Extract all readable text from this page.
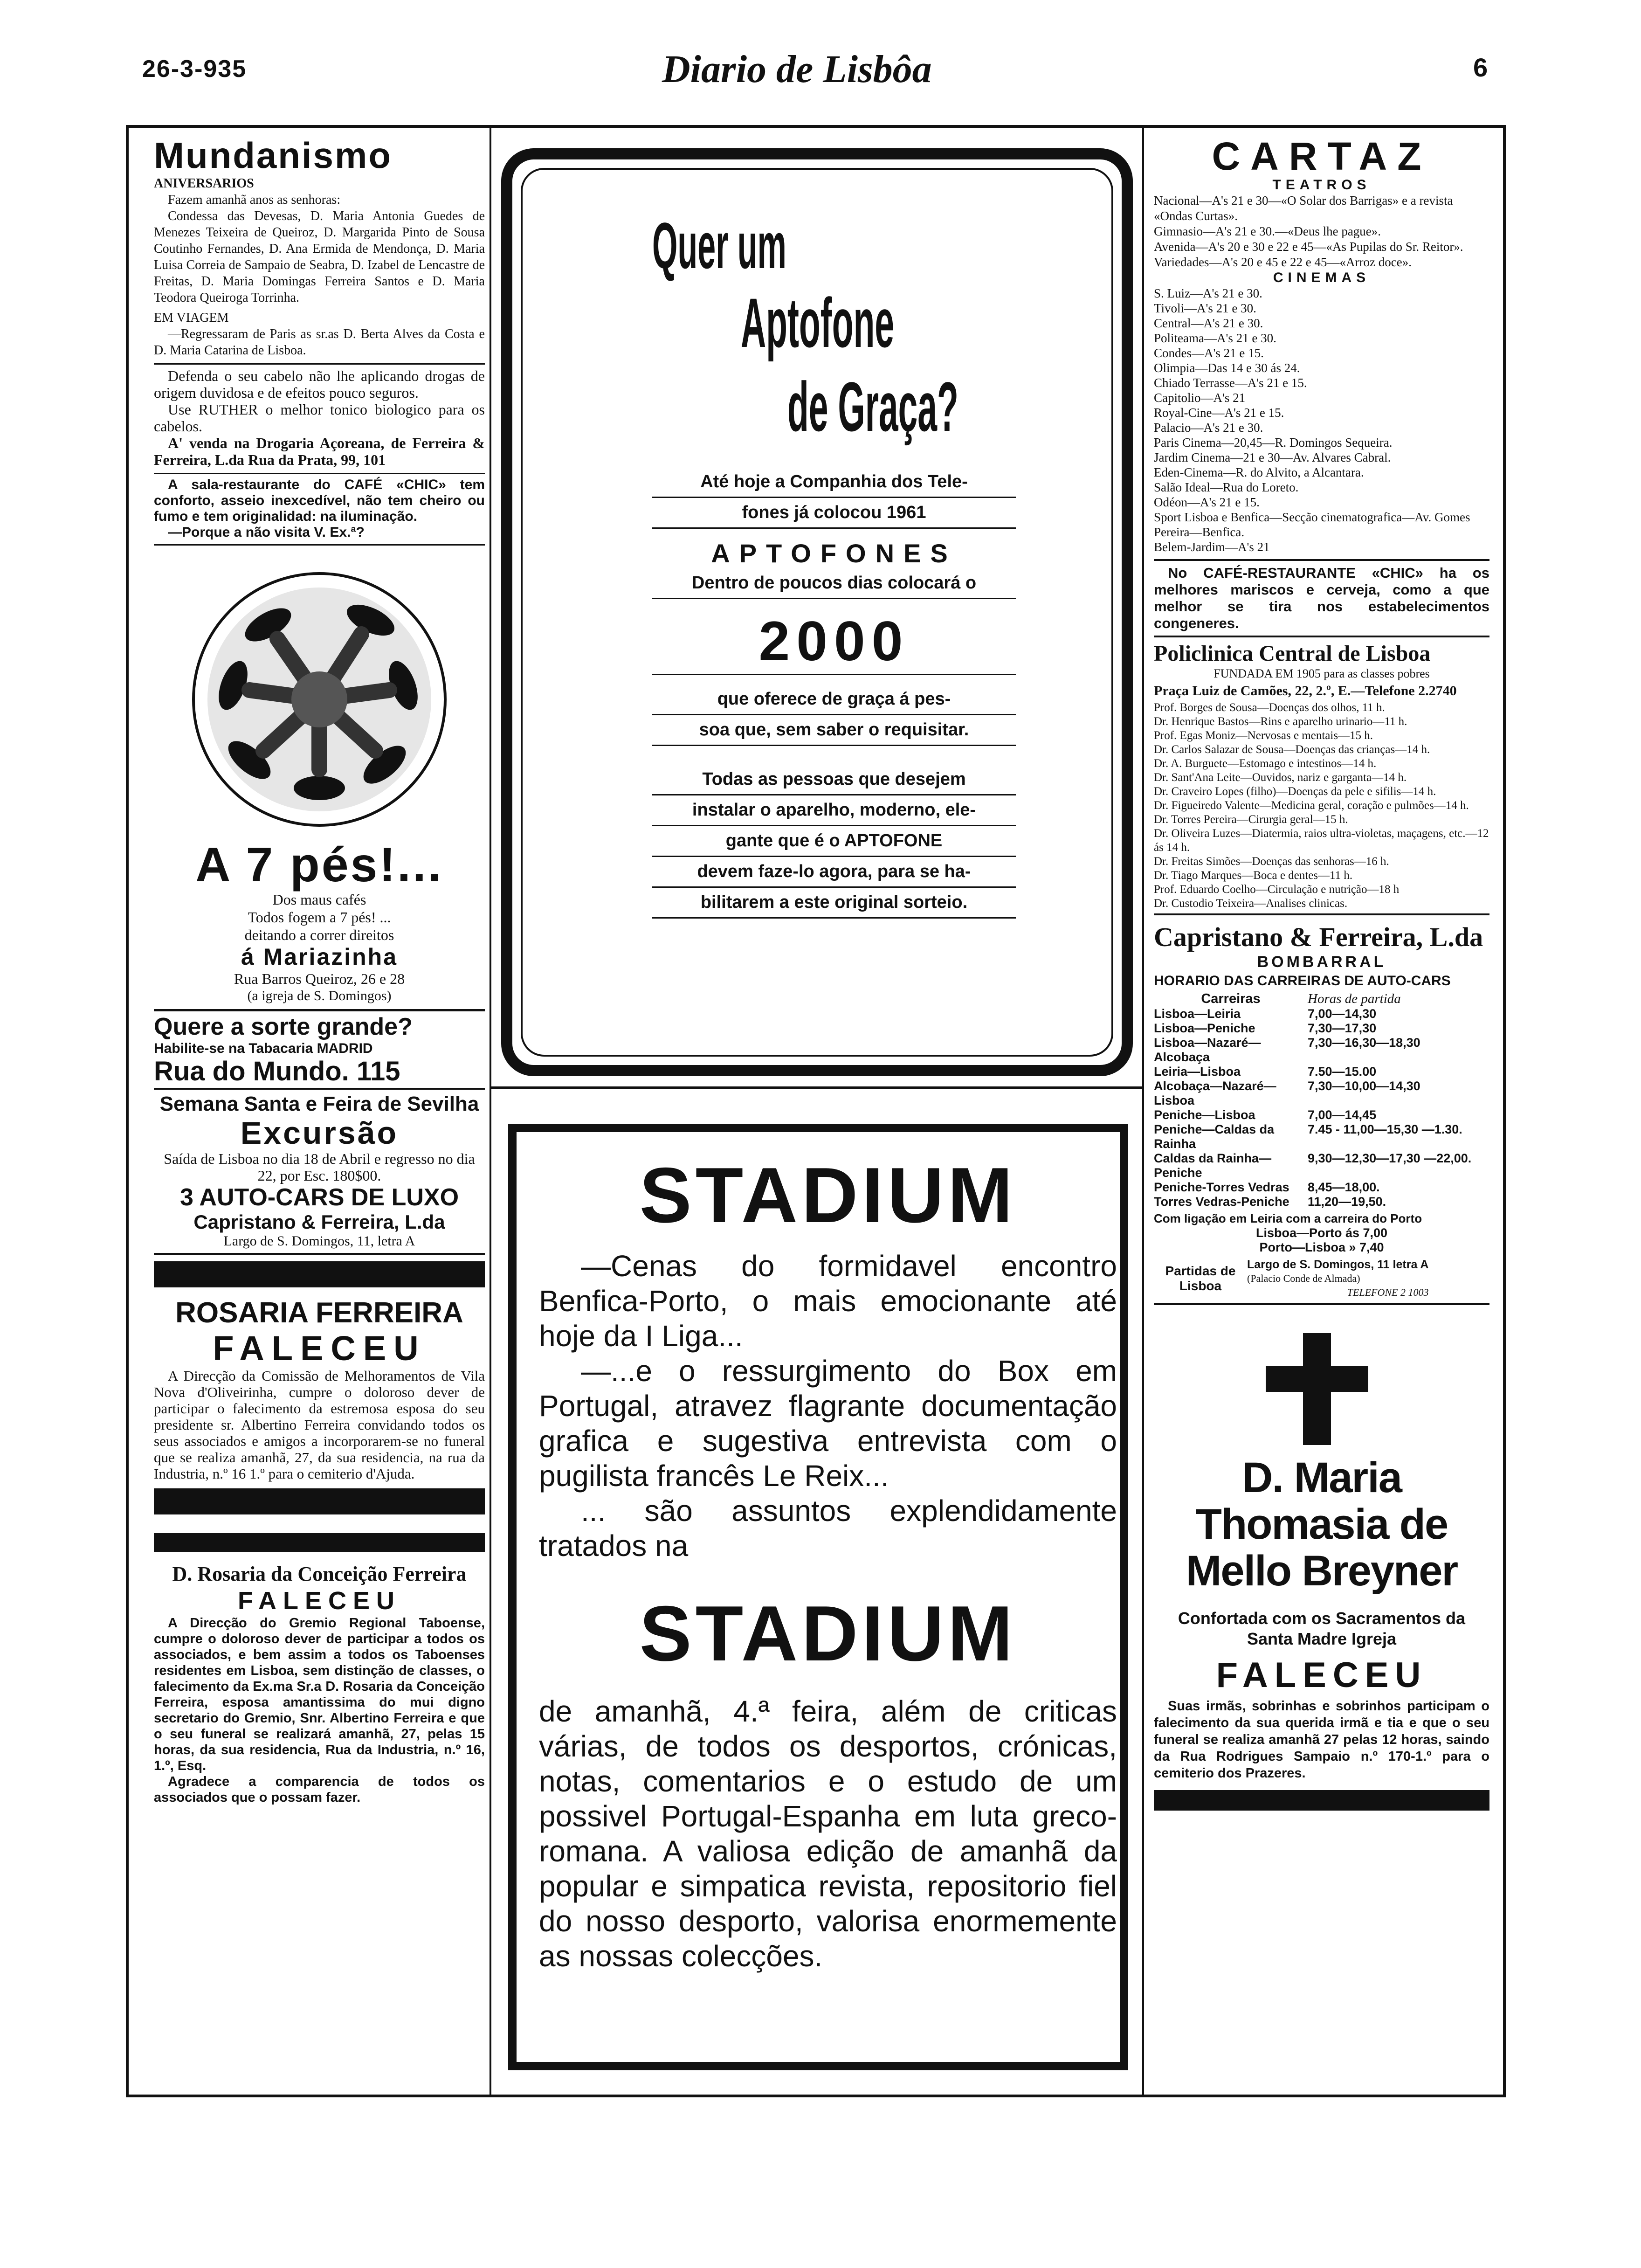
26-3-935	Diario de Lisbôa	6
Mundanismo
ANIVERSARIOS
Fazem amanhã anos as senhoras:
Condessa das Devesas, D. Maria Antonia Guedes de Menezes Teixeira de Queiroz, D. Margarida Pinto de Sousa Coutinho Fernandes, D. Ana Ermida de Mendonça, D. Maria Luisa Correia de Sampaio de Seabra, D. Izabel de Lencastre de Freitas, D. Maria Domingas Ferreira Santos e D. Maria Teodora Queiroga Torrinha.
EM VIAGEM
—Regressaram de Paris as sr.as D. Berta Alves da Costa e D. Maria Catarina de Lisboa.
Defenda o seu cabelo não lhe aplicando drogas de origem duvidosa e de efeitos pouco seguros.
Use RUTHER o melhor tonico biologico para os cabelos.
A' venda na Drogaria Açoreana, de Ferreira & Ferreira, L.da Rua da Prata, 99, 101
A sala-restaurante do CAFÉ «CHIC» tem conforto, asseio inexcedível, não tem cheiro ou fumo e tem originalidad: na iluminação.
—Porque a não visita V. Ex.ª?
A 7 pés!...
Dos maus cafés
Todos fogem a 7 pés! ...
deitando a correr direitos
á Mariazinha
Rua Barros Queiroz, 26 e 28
(a igreja de S. Domingos)
Quere a sorte grande?
Habilite-se na Tabacaria MADRID
Rua do Mundo. 115
Semana Santa e Feira de Sevilha
Excursão
Saída de Lisboa no dia 18 de Abril e regresso no dia 22, por Esc. 180$00.
3 AUTO-CARS DE LUXO
Capristano & Ferreira, L.da
Largo de S. Domingos, 11, letra A
ROSARIA FERREIRA
FALECEU
A Direcção da Comissão de Melhoramentos de Vila Nova d'Oliveirinha, cumpre o doloroso dever de participar o falecimento da estremosa esposa do seu presidente sr. Albertino Ferreira convidando todos os seus associados e amigos a incorporarem-se no funeral que se realiza amanhã, 27, da sua residencia, na rua da Industria, n.º 16 1.º para o cemiterio d'Ajuda.
D. Rosaria da Conceição Ferreira
FALECEU
A Direcção do Gremio Regional Taboense, cumpre o doloroso dever de participar a todos os associados, e bem assim a todos os Taboenses residentes em Lisboa, sem distinção de classes, o falecimento da Ex.ma Sr.a D. Rosaria da Conceição Ferreira, esposa amantissima do mui digno secretario do Gremio, Snr. Albertino Ferreira e que o seu funeral se realizará amanhã, 27, pelas 15 horas, da sua residencia, Rua da Industria, n.º 16, 1.º, Esq.
Agradece a comparencia de todos os associados que o possam fazer.
Quer um
Aptofone
de Graça?
Até hoje a Companhia dos Tele-
fones já colocou 1961
APTOFONES
Dentro de poucos dias colocará o
2000
que oferece de graça á pes-
soa que, sem saber o requisitar.
Todas as pessoas que desejem
instalar o aparelho, moderno, ele-
gante que é o APTOFONE
devem faze-lo agora, para se ha-
bilitarem a este original sorteio.
STADIUM
—Cenas do formidavel encontro Benfica-Porto, o mais emocionante até hoje da I Liga...
—...e o ressurgimento do Box em Portugal, atravez flagrante documentação grafica e sugestiva entrevista com o pugilista francês Le Reix...
... são assuntos explendidamente tratados na
STADIUM
de amanhã, 4.ª feira, além de criticas várias, de todos os desportos, crónicas, notas, comentarios e o estudo de um possivel Portugal-Espanha em luta greco-romana. A valiosa edição de amanhã da popular e simpatica revista, repositorio fiel do nosso desporto, valorisa enormemente as nossas colecções.
CARTAZ
TEATROS

Nacional—A's 21 e 30—«O Solar dos Barrigas» e a revista «Ondas Curtas».

Gimnasio—A's 21 e 30.—«Deus lhe pague».

Avenida—A's 20 e 30 e 22 e 45—«As Pupilas do Sr. Reitor».

Variedades—A's 20 e 45 e 22 e 45—«Arroz doce».

CINEMAS

S. Luiz—A's 21 e 30.

Tivoli—A's 21 e 30.

Central—A's 21 e 30.

Politeama—A's 21 e 30.

Condes—A's 21 e 15.

Olimpia—Das 14 e 30 ás 24.

Chiado Terrasse—A's 21 e 15.

Capitolio—A's 21

Royal-Cine—A's 21 e 15.

Palacio—A's 21 e 30.

Paris Cinema—20,45—R. Domingos Sequeira.

Jardim Cinema—21 e 30—Av. Alvares Cabral.

Eden-Cinema—R. do Alvito, a Alcantara.

Salão Ideal—Rua do Loreto.

Odéon—A's 21 e 15.

Sport Lisboa e Benfica—Secção cinematografica—Av. Gomes Pereira—Benfica.

Belem-Jardim—A's 21

No CAFÉ-RESTAURANTE «CHIC» ha os melhores mariscos e cerveja, como a que melhor se tira nos estabelecimentos congeneres.
Policlinica Central de Lisboa
FUNDADA EM 1905 para as classes pobres
Praça Luiz de Camões, 22, 2.º, E.—Telefone 2.2740
Prof. Borges de Sousa—Doenças dos olhos, 11 h.
Dr. Henrique Bastos—Rins e aparelho urinario—11 h.
Prof. Egas Moniz—Nervosas e mentais—15 h.
Dr. Carlos Salazar de Sousa—Doenças das crianças—14 h.
Dr. A. Burguete—Estomago e intestinos—14 h.
Dr. Sant'Ana Leite—Ouvidos, nariz e garganta—14 h.
Dr. Craveiro Lopes (filho)—Doenças da pele e sifilis—14 h.
Dr. Figueiredo Valente—Medicina geral, coração e pulmões—14 h.
Dr. Torres Pereira—Cirurgia geral—15 h.
Dr. Oliveira Luzes—Diatermia, raios ultra-violetas, maçagens, etc.—12 ás 14 h.
Dr. Freitas Simões—Doenças das senhoras—16 h.
Dr. Tiago Marques—Boca e dentes—11 h.
Prof. Eduardo Coelho—Circulação e nutrição—18 h
Dr. Custodio Teixeira—Analises clinicas.
Capristano & Ferreira, L.da
BOMBARRAL
HORARIO DAS CARREIRAS DE AUTO-CARS
Carreiras	Horas de partida
Lisboa—Leiria	7,00—14,30
Lisboa—Peniche	7,30—17,30
Lisboa—Nazaré—Alcobaça
7,30—16,30—18,30
Leiria—Lisboa	7.50—15.00
Alcobaça—Nazaré—Lisboa
7,30—10,00—14,30
Peniche—Lisboa	7,00—14,45
Peniche—Caldas da Rainha
7.45 - 11,00—15,30 —1.30.
Caldas da Rainha—Peniche
9,30—12,30—17,30 —22,00.
Peniche-Torres Vedras	8,45—18,00.
Torres Vedras-Peniche	11,20—19,50.
Com ligação em Leiria com a carreira do Porto
Lisboa—Porto ás 7,00
Porto—Lisboa » 7,40
Partidas de Lisboa
Largo de S. Domingos, 11 letra A
(Palacio Conde de Almada)
TELEFONE 2 1003
D. Maria Thomasia de Mello Breyner
Confortada com os Sacramentos da Santa Madre Igreja
FALECEU
Suas irmãs, sobrinhas e sobrinhos participam o falecimento da sua querida irmã e tia e que o seu funeral se realiza amanhã 27 pelas 12 horas, saindo da Rua Rodrigues Sampaio n.º 170-1.º para o cemiterio dos Prazeres.
